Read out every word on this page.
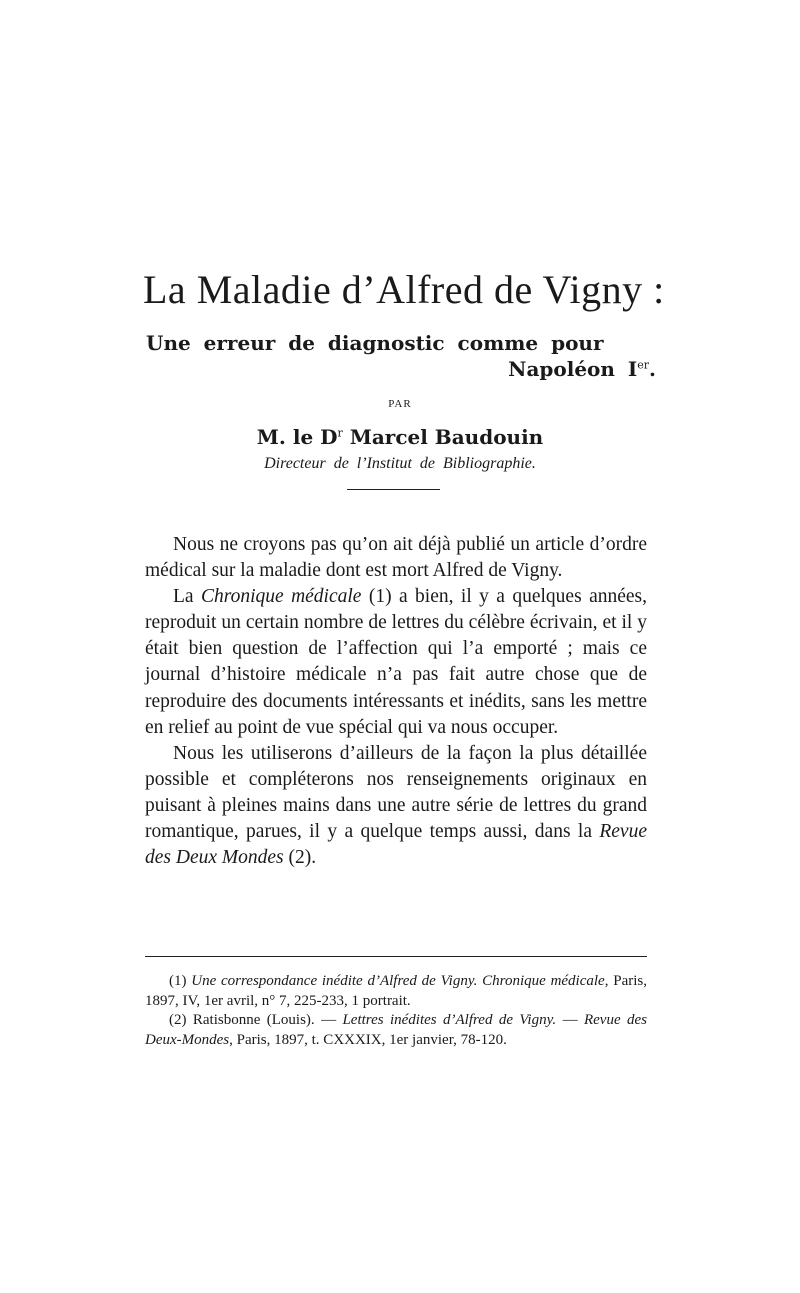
La Maladie d’Alfred de Vigny :
Une erreur de diagnostic comme pour
Napoléon Ier.
PAR
M. le $D^r$ Marcel Baudouin
Directeur de l’Institut de Bibliographie.

Nous ne croyons pas qu’on ait déjà publié un article d’ordre médical sur la maladie dont est mort Alfred de Vigny.

La Chronique médicale (1) a bien, il y a quelques années, reproduit un certain nombre de lettres du célèbre écrivain, et il y était bien question de l’affection qui l’a emporté ; mais ce journal d’histoire médicale n’a pas fait autre chose que de reproduire des documents intéressants et inédits, sans les mettre en relief au point de vue spécial qui va nous occuper.

Nous les utiliserons d’ailleurs de la façon la plus détaillée possible et compléterons nos renseignements originaux en puisant à pleines mains dans une autre série de lettres du grand romantique, parues, il y a quelque temps aussi, dans la Revue des Deux Mondes (2).

(1) Une correspondance inédite d’Alfred de Vigny. Chronique médicale, Paris, 1897, IV, 1er avril, n° 7, 225-233, 1 portrait.

(2) Ratisbonne (Louis). — Lettres inédites d’Alfred de Vigny. — Revue des Deux-Mondes, Paris, 1897, t. CXXXIX, 1er janvier, 78-120.
